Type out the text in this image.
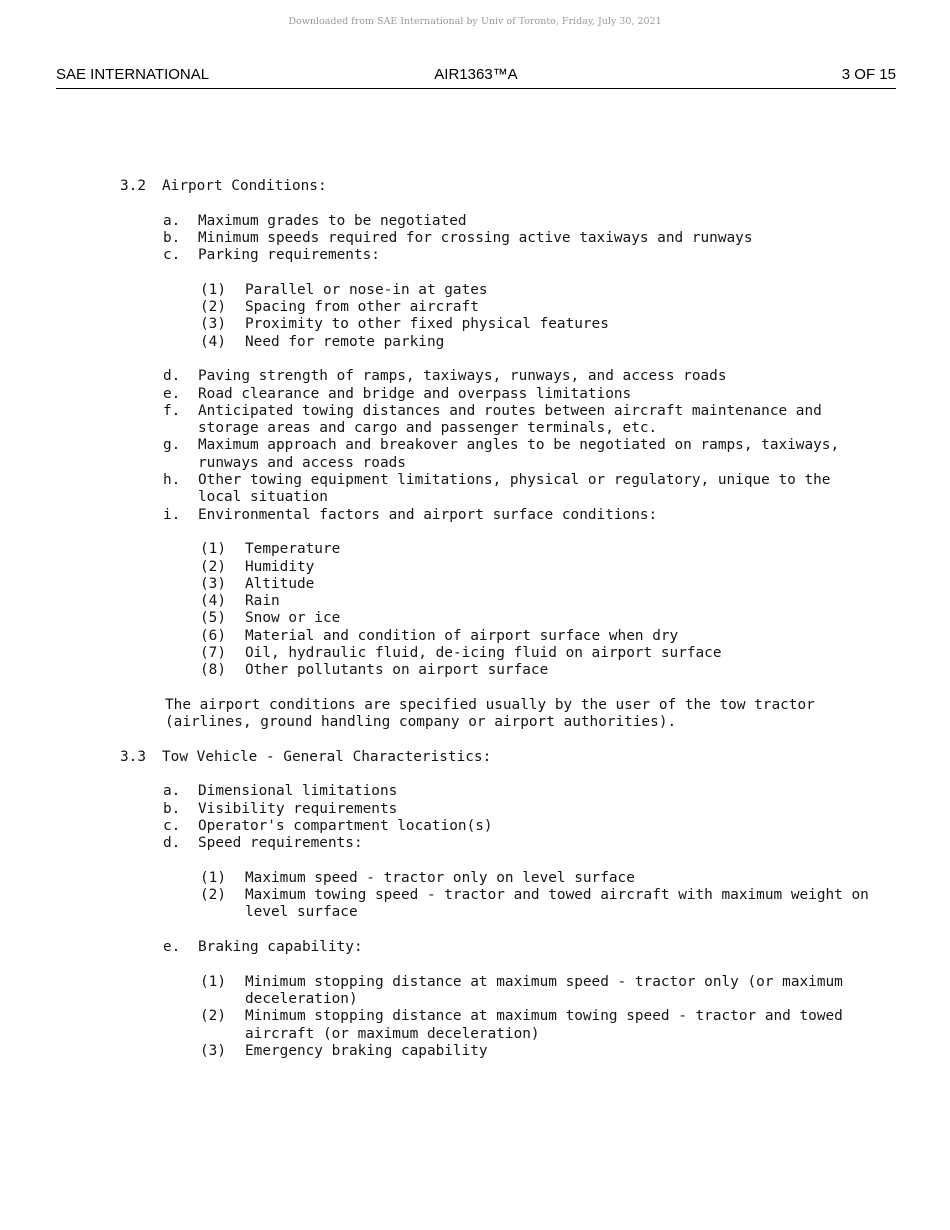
Downloaded from SAE International by Univ of Toronto, Friday, July 30, 2021
SAE INTERNATIONAL	AIR1363™A	3 OF 15
3.2	Airport Conditions:
a.	Maximum grades to be negotiated
b.	Minimum speeds required for crossing active taxiways and runways
c.	Parking requirements:
(1)	Parallel or nose-in at gates
(2)	Spacing from other aircraft
(3)	Proximity to other fixed physical features
(4)	Need for remote parking
d.	Paving strength of ramps, taxiways, runways, and access roads
e.	Road clearance and bridge and overpass limitations
f.	Anticipated towing distances and routes between aircraft maintenance and storage areas and cargo and passenger terminals, etc.
g.	Maximum approach and breakover angles to be negotiated on ramps, taxiways, runways and access roads
h.	Other towing equipment limitations, physical or regulatory, unique to the local situation
i.	Environmental factors and airport surface conditions:
(1)	Temperature
(2)	Humidity
(3)	Altitude
(4)	Rain
(5)	Snow or ice
(6)	Material and condition of airport surface when dry
(7)	Oil, hydraulic fluid, de-icing fluid on airport surface
(8)	Other pollutants on airport surface
The airport conditions are specified usually by the user of the tow tractor (airlines, ground handling company or airport authorities).
3.3	Tow Vehicle - General Characteristics:
a.	Dimensional limitations
b.	Visibility requirements
c.	Operator's compartment location(s)
d.	Speed requirements:
(1)	Maximum speed - tractor only on level surface
(2)	Maximum towing speed - tractor and towed aircraft with maximum weight on level surface
e.	Braking capability:
(1)	Minimum stopping distance at maximum speed - tractor only (or maximum deceleration)
(2)	Minimum stopping distance at maximum towing speed - tractor and towed aircraft (or maximum deceleration)
(3)	Emergency braking capability
